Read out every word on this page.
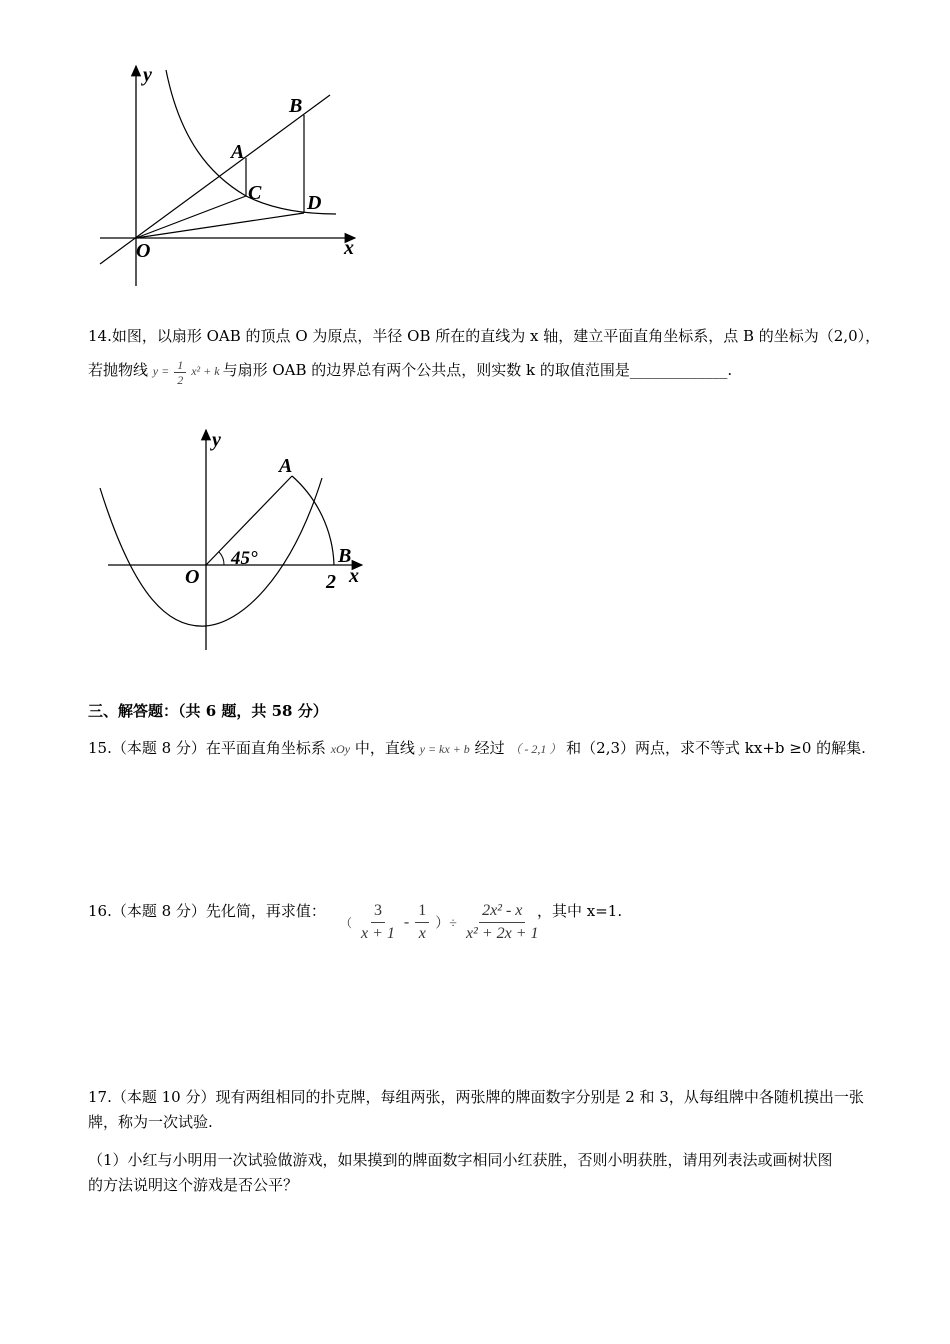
y
x
O
A
B
C D
14.如图，以扇形 OAB 的顶点 O 为原点，半径 OB 所在的直线为 x 轴，建立平面直角坐标系，点 B 的坐标为（2,0），
若抛物线 $y = \frac{1}{2} x^2 + k$ 与扇形 OAB 的边界总有两个公共点，则实数 k 的取值范围是_____________.
y
x
O
A
B
2
45°
三、解答题：（共 6 题，共 58 分）
15.（本题 8 分）在平面直角坐标系 xOy 中，直线 y = kx + b 经过 （ - 2,1 ） 和（2,3）两点，求不等式 kx+b ≥0 的解集.
16.（本题 8 分）先化简，再求值：
（ $\frac{3}{x + 1} - \frac{1}{x}$ ）÷ $\frac{\text{2x² - x}}{\text{x² + 2x + 1}}$
，其中 x=1.
17.（本题 10 分）现有两组相同的扑克牌，每组两张，两张牌的牌面数字分别是 2 和 3，从每组牌中各随机摸出一张
牌，称为一次试验.
（1）小红与小明用一次试验做游戏，如果摸到的牌面数字相同小红获胜，否则小明获胜，请用列表法或画树状图
的方法说明这个游戏是否公平？
